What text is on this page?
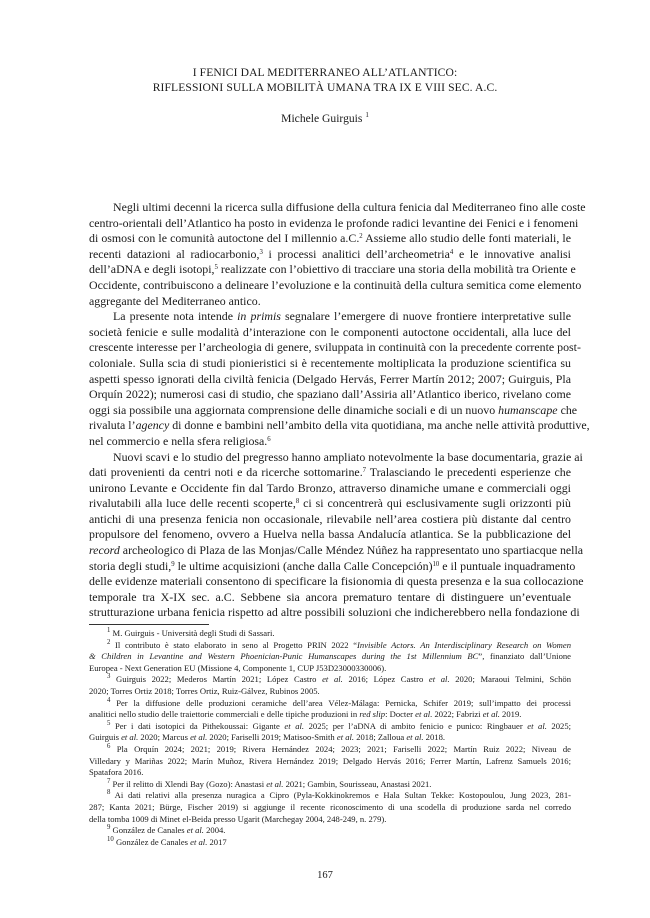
I FENICI DAL MEDITERRANEO ALL’ATLANTICO:
RIFLESSIONI SULLA MOBILITÀ UMANA TRA IX E VIII SEC. A.C.
Michele Guirguis $^1$
Negli ultimi decenni la ricerca sulla diffusione della cultura fenicia dal Mediterraneo fino alle coste
centro-orientali dell’Atlantico ha posto in evidenza le profonde radici levantine dei Fenici e i fenomeni
di osmosi con le comunità autoctone del I millennio a.C.$^2$ Assieme allo studio delle fonti materiali, le
recenti datazioni al radiocarbonio,$^3$ i processi analitici dell’archeometria$^4$ e le innovative analisi
dell’aDNA e degli isotopi,$^5$ realizzate con l’obiettivo di tracciare una storia della mobilità tra Oriente e
Occidente, contribuiscono a delineare l’evoluzione e la continuità della cultura semitica come elemento
aggregante del Mediterraneo antico.
La presente nota intende in primis segnalare l’emergere di nuove frontiere interpretative sulle
società fenicie e sulle modalità d’interazione con le componenti autoctone occidentali, alla luce del
crescente interesse per l’archeologia di genere, sviluppata in continuità con la precedente corrente post-
coloniale. Sulla scia di studi pionieristici si è recentemente moltiplicata la produzione scientifica su
aspetti spesso ignorati della civiltà fenicia (Delgado Hervás, Ferrer Martín 2012; 2007; Guirguis, Pla
Orquín 2022); numerosi casi di studio, che spaziano dall’Assiria all’Atlantico iberico, rivelano come
oggi sia possibile una aggiornata comprensione delle dinamiche sociali e di un nuovo humanscape che
rivaluta l’agency di donne e bambini nell’ambito della vita quotidiana, ma anche nelle attività produttive,
nel commercio e nella sfera religiosa.$^6$
Nuovi scavi e lo studio del pregresso hanno ampliato notevolmente la base documentaria, grazie ai
dati provenienti da centri noti e da ricerche sottomarine.$^7$ Tralasciando le precedenti esperienze che
unirono Levante e Occidente fin dal Tardo Bronzo, attraverso dinamiche umane e commerciali oggi
rivalutabili alla luce delle recenti scoperte,$^8$ ci si concentrerà qui esclusivamente sugli orizzonti più
antichi di una presenza fenicia non occasionale, rilevabile nell’area costiera più distante dal centro
propulsore del fenomeno, ovvero a Huelva nella bassa Andalucía atlantica. Se la pubblicazione del
record archeologico di Plaza de las Monjas/Calle Méndez Núñez ha rappresentato uno spartiacque nella
storia degli studi,$^9$ le ultime acquisizioni (anche dalla Calle Concepción)$^{10}$ e il puntuale inquadramento
delle evidenze materiali consentono di specificare la fisionomia di questa presenza e la sua collocazione
temporale tra X-IX sec. a.C. Sebbene sia ancora prematuro tentare di distinguere un’eventuale
strutturazione urbana fenicia rispetto ad altre possibili soluzioni che indicherebbero nella fondazione di
$^1$ M. Guirguis - Università degli Studi di Sassari.
$^2$ Il contributo è stato elaborato in seno al Progetto PRIN 2022 “Invisible Actors. An Interdisciplinary Research on Women
& Children in Levantine and Western Phoenician-Punic Humanscapes during the 1st Millennium BC”, finanziato dall’Unione
Europea - Next Generation EU (Missione 4, Componente 1, CUP J53D23000330006).
$^3$ Guirguis 2022; Mederos Martín 2021; López Castro et al. 2016; López Castro et al. 2020; Maraoui Telmini, Schön
2020; Torres Ortiz 2018; Torres Ortiz, Ruiz-Gálvez, Rubinos 2005.
$^4$ Per la diffusione delle produzioni ceramiche dell’area Vélez-Málaga: Pernicka, Schifer 2019; sull’impatto dei processi
analitici nello studio delle traiettorie commerciali e delle tipiche produzioni in red slip: Docter et al. 2022; Fabrizi et al. 2019.
$^5$ Per i dati isotopici da Pithekoussai: Gigante et al. 2025; per l’aDNA di ambito fenicio e punico: Ringbauer et al. 2025;
Guirguis et al. 2020; Marcus et al. 2020; Fariselli 2019; Matisoo-Smith et al. 2018; Zalloua et al. 2018.
$^6$ Pla Orquín 2024; 2021; 2019; Rivera Hernández 2024; 2023; 2021; Fariselli 2022; Martín Ruiz 2022; Niveau de
Villedary y Mariñas 2022; Marín Muñoz, Rivera Hernández 2019; Delgado Hervás 2016; Ferrer Martín, Lafrenz Samuels 2016;
Spatafora 2016.
$^7$ Per il relitto di Xlendi Bay (Gozo): Anastasi et al. 2021; Gambin, Sourisseau, Anastasi 2021.
$^8$ Ai dati relativi alla presenza nuragica a Cipro (Pyla-Kokkinokremos e Hala Sultan Tekke: Kostopoulou, Jung 2023, 281-
287; Kanta 2021; Bürge, Fischer 2019) si aggiunge il recente riconoscimento di una scodella di produzione sarda nel corredo
della tomba 1009 di Minet el-Beida presso Ugarit (Marchegay 2004, 248-249, n. 279).
$^9$ González de Canales et al. 2004.
$^{10}$ González de Canales et al. 2017
167
